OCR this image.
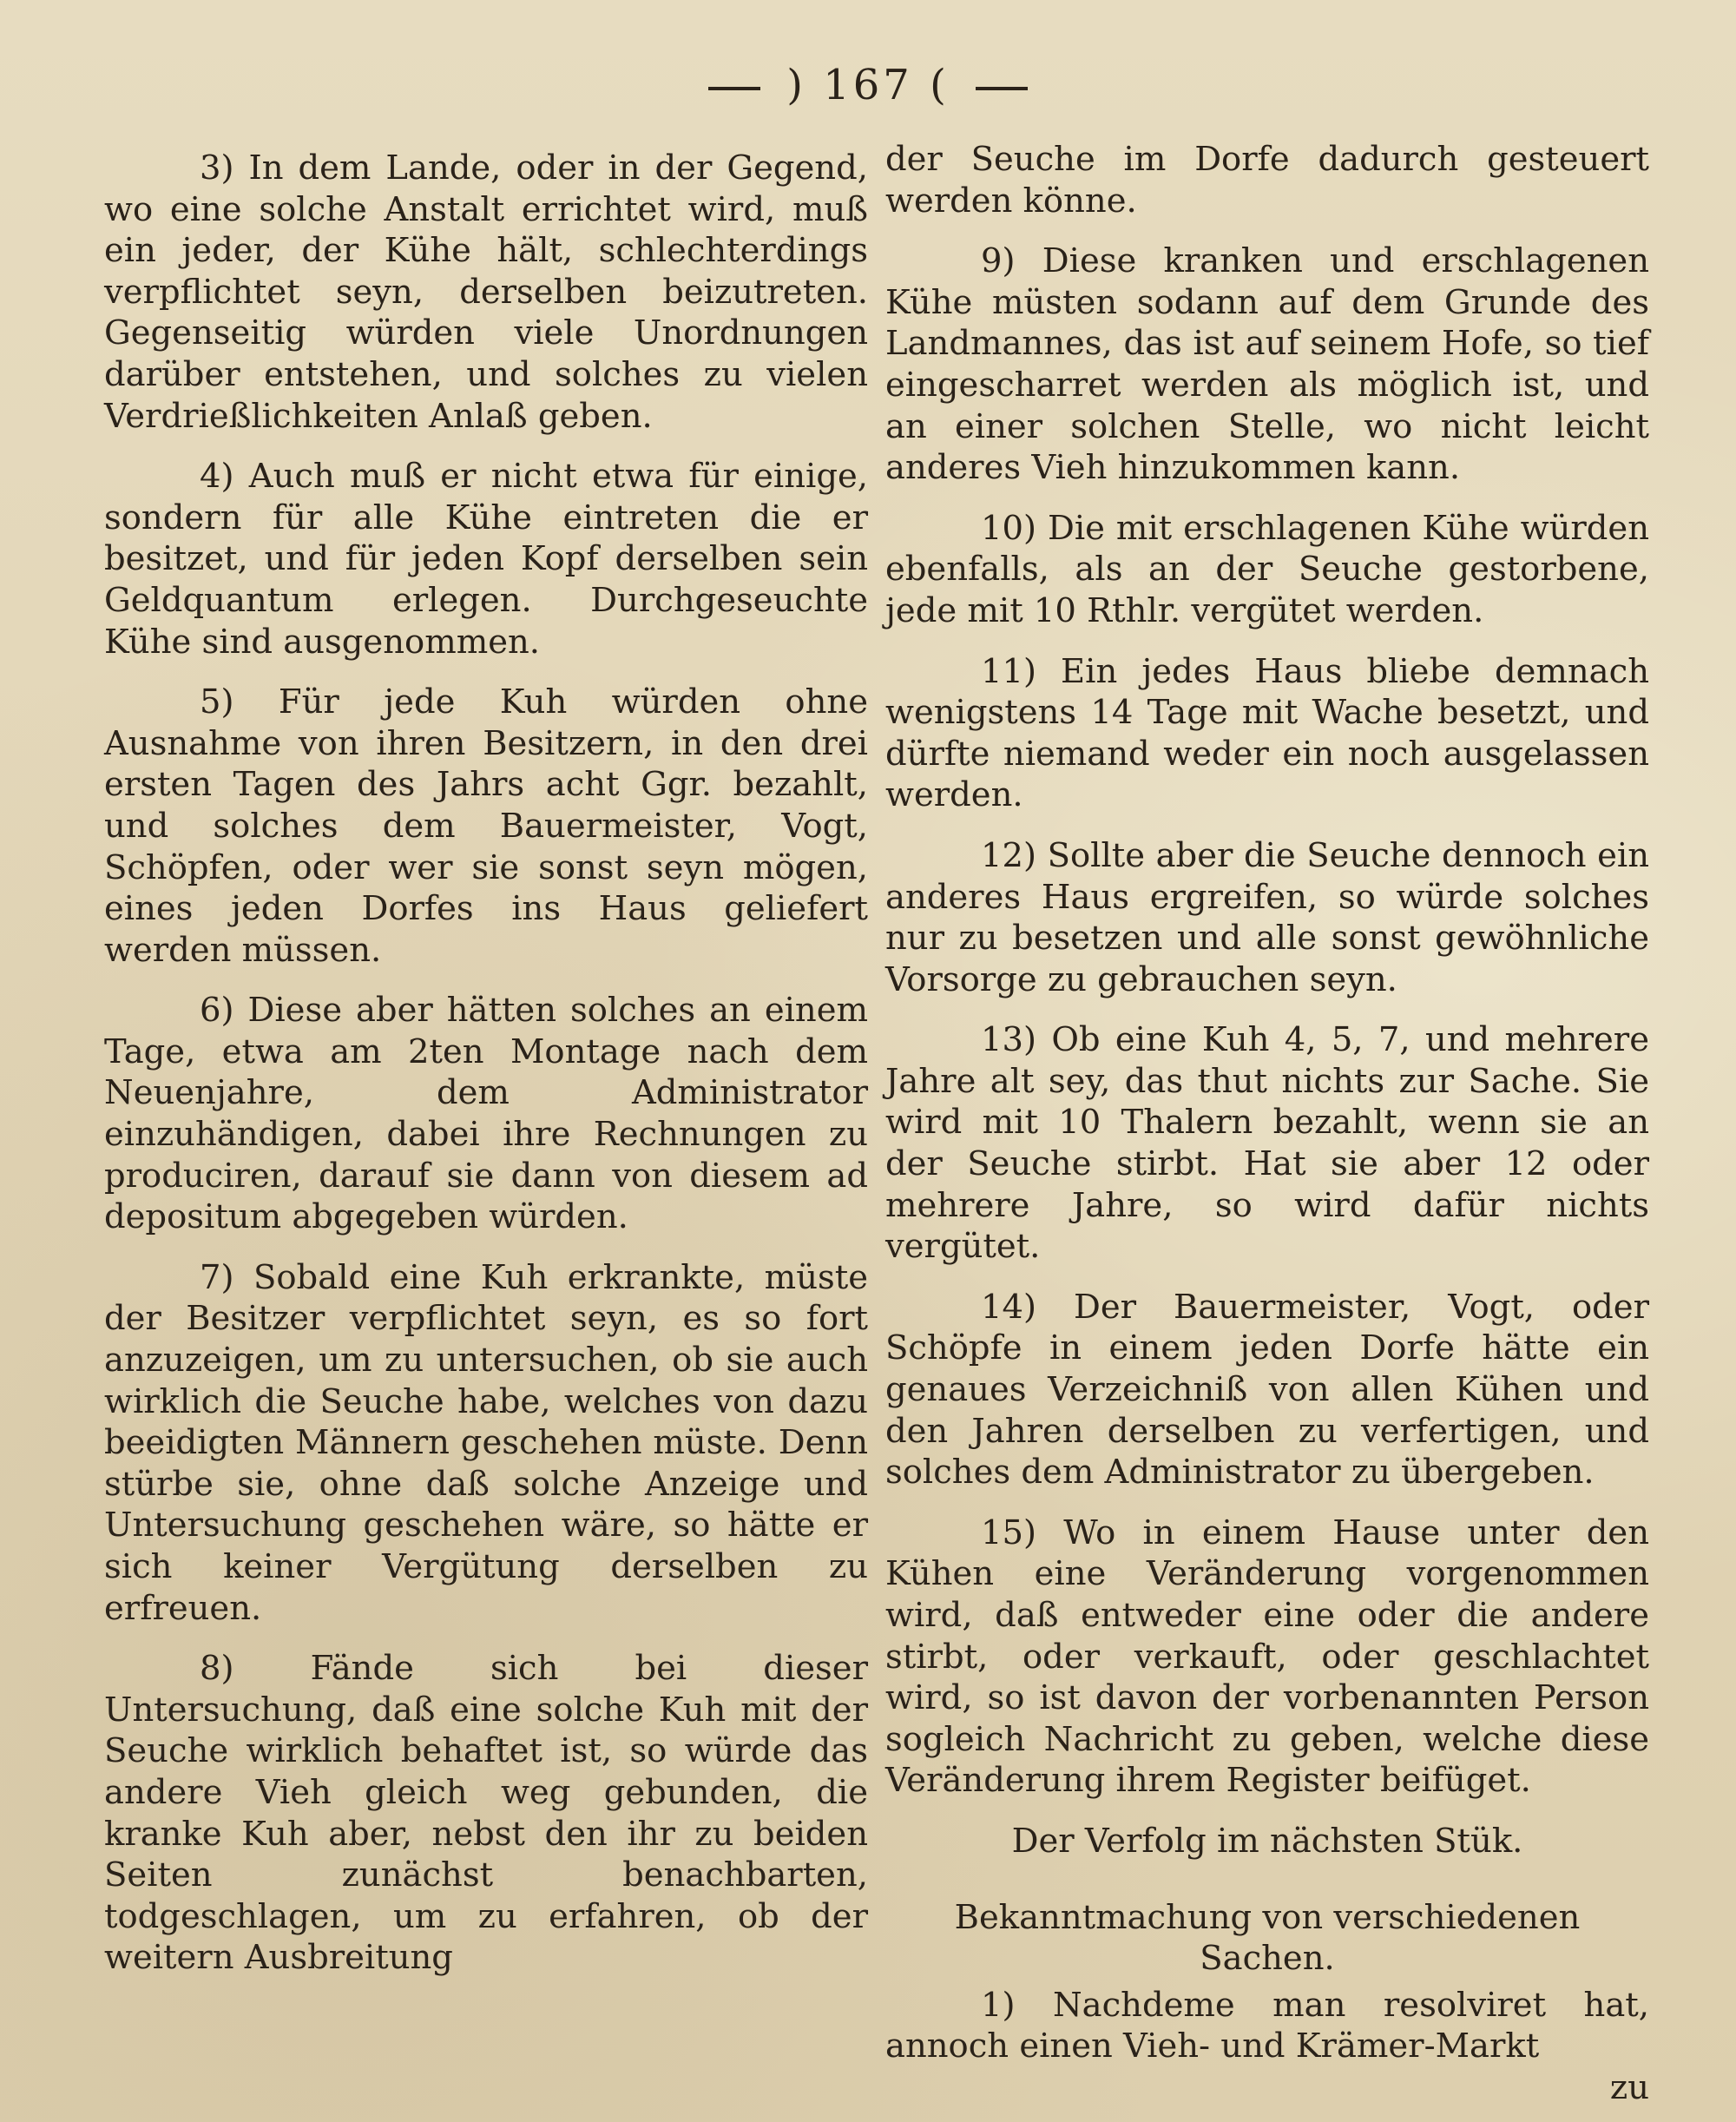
) 167 (

3) In dem Lande, oder in der Gegend, wo eine solche Anstalt errichtet wird, muß ein jeder, der Kühe hält, schlechterdings verpflichtet seyn, derselben beizutreten. Gegenseitig würden viele Unordnungen darüber entstehen, und solches zu vielen Verdrießlichkeiten Anlaß geben.

4) Auch muß er nicht etwa für einige, sondern für alle Kühe eintreten die er besitzet, und für jeden Kopf derselben sein Geldquantum erlegen. Durchgeseuchte Kühe sind ausgenommen.

5) Für jede Kuh würden ohne Ausnahme von ihren Besitzern, in den drei ersten Tagen des Jahrs acht Ggr. bezahlt, und solches dem Bauermeister, Vogt, Schöpfen, oder wer sie sonst seyn mögen, eines jeden Dorfes ins Haus geliefert werden müssen.

6) Diese aber hätten solches an einem Tage, etwa am 2ten Montage nach dem Neuenjahre, dem Administrator einzuhändigen, dabei ihre Rechnungen zu produciren, darauf sie dann von diesem ad depositum abgegeben würden.

7) Sobald eine Kuh erkrankte, müste der Besitzer verpflichtet seyn, es so fort anzuzeigen, um zu untersuchen, ob sie auch wirklich die Seuche habe, welches von dazu beeidigten Männern geschehen müste. Denn stürbe sie, ohne daß solche Anzeige und Untersuchung geschehen wäre, so hätte er sich keiner Vergütung derselben zu erfreuen.

8) Fände sich bei dieser Untersuchung, daß eine solche Kuh mit der Seuche wirklich behaftet ist, so würde das andere Vieh gleich weg gebunden, die kranke Kuh aber, nebst den ihr zu beiden Seiten zunächst benachbarten, todgeschlagen, um zu erfahren, ob der weitern Ausbreitung

der Seuche im Dorfe dadurch gesteuert werden könne.

9) Diese kranken und erschlagenen Kühe müsten sodann auf dem Grunde des Landmannes, das ist auf seinem Hofe, so tief eingescharret werden als möglich ist, und an einer solchen Stelle, wo nicht leicht anderes Vieh hinzukommen kann.

10) Die mit erschlagenen Kühe würden ebenfalls, als an der Seuche gestorbene, jede mit 10 Rthlr. vergütet werden.

11) Ein jedes Haus bliebe demnach wenigstens 14 Tage mit Wache besetzt, und dürfte niemand weder ein noch ausgelassen werden.

12) Sollte aber die Seuche dennoch ein anderes Haus ergreifen, so würde solches nur zu besetzen und alle sonst gewöhnliche Vorsorge zu gebrauchen seyn.

13) Ob eine Kuh 4, 5, 7, und mehrere Jahre alt sey, das thut nichts zur Sache. Sie wird mit 10 Thalern bezahlt, wenn sie an der Seuche stirbt. Hat sie aber 12 oder mehrere Jahre, so wird dafür nichts vergütet.

14) Der Bauermeister, Vogt, oder Schöpfe in einem jeden Dorfe hätte ein genaues Verzeichniß von allen Kühen und den Jahren derselben zu verfertigen, und solches dem Administrator zu übergeben.

15) Wo in einem Hause unter den Kühen eine Veränderung vorgenommen wird, daß entweder eine oder die andere stirbt, oder verkauft, oder geschlachtet wird, so ist davon der vorbenannten Person sogleich Nachricht zu geben, welche diese Veränderung ihrem Register beifüget.

Der Verfolg im nächsten Stük.

Bekanntmachung von verschiedenen Sachen.

1) Nachdeme man resolviret hat, annoch einen Vieh- und Krämer-Markt

zu
